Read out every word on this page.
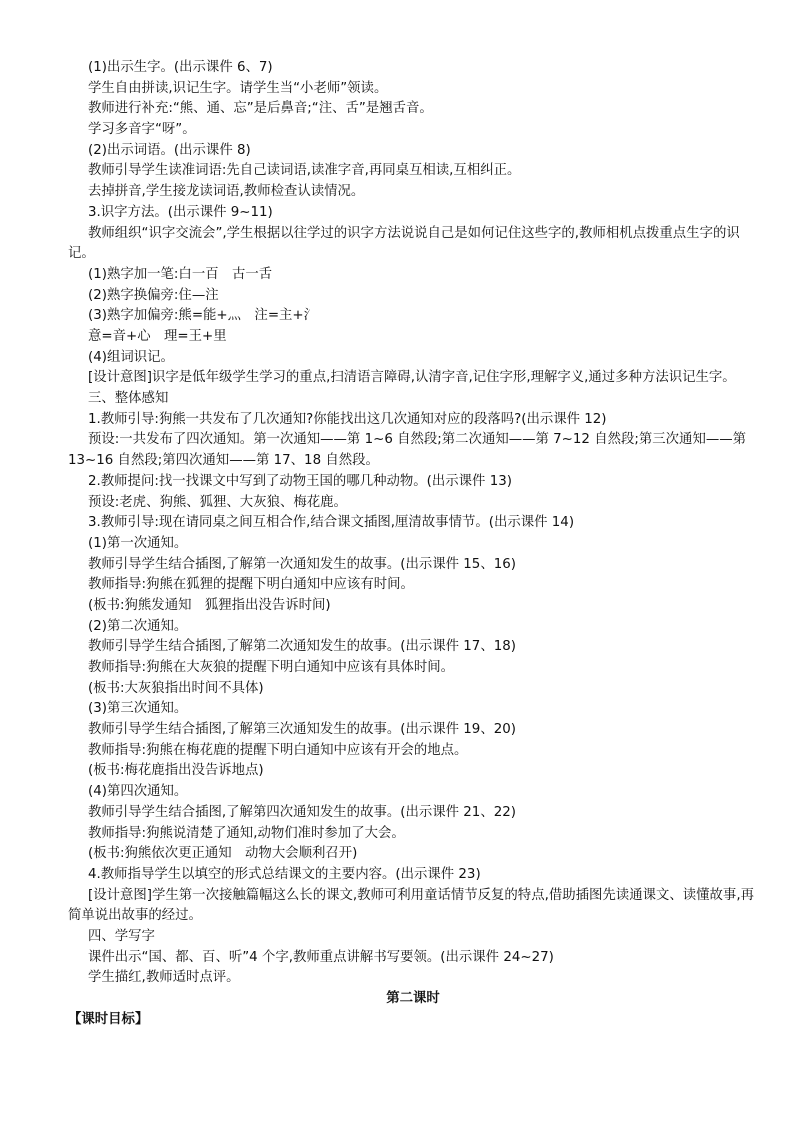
(1)出示生字。(出示课件 6、7)
学生自由拼读,识记生字。请学生当“小老师”领读。
教师进行补充:“熊、通、忘”是后鼻音;“注、舌”是翘舌音。
学习多音字“呀”。
(2)出示词语。(出示课件 8)
教师引导学生读准词语:先自己读词语,读准字音,再同桌互相读,互相纠正。
去掉拼音,学生接龙读词语,教师检查认读情况。
3.识字方法。(出示课件 9~11)
教师组织“识字交流会”,学生根据以往学过的识字方法说说自己是如何记住这些字的,教师相机点拨重点生字的识记。
(1)熟字加一笔:白一百　古一舌
(2)熟字换偏旁:住—注
(3)熟字加偏旁:熊=能+灬　注=主+氵
意=音+心　理=王+里
(4)组词识记。
[设计意图]识字是低年级学生学习的重点,扫清语言障碍,认清字音,记住字形,理解字义,通过多种方法识记生字。
三、整体感知
1.教师引导:狗熊一共发布了几次通知?你能找出这几次通知对应的段落吗?(出示课件 12)
预设:一共发布了四次通知。第一次通知——第 1~6 自然段;第二次通知——第 7~12 自然段;第三次通知——第 13~16 自然段;第四次通知——第 17、18 自然段。
2.教师提问:找一找课文中写到了动物王国的哪几种动物。(出示课件 13)
预设:老虎、狗熊、狐狸、大灰狼、梅花鹿。
3.教师引导:现在请同桌之间互相合作,结合课文插图,厘清故事情节。(出示课件 14)
(1)第一次通知。
教师引导学生结合插图,了解第一次通知发生的故事。(出示课件 15、16)
教师指导:狗熊在狐狸的提醒下明白通知中应该有时间。
(板书:狗熊发通知　狐狸指出没告诉时间)
(2)第二次通知。
教师引导学生结合插图,了解第二次通知发生的故事。(出示课件 17、18)
教师指导:狗熊在大灰狼的提醒下明白通知中应该有具体时间。
(板书:大灰狼指出时间不具体)
(3)第三次通知。
教师引导学生结合插图,了解第三次通知发生的故事。(出示课件 19、20)
教师指导:狗熊在梅花鹿的提醒下明白通知中应该有开会的地点。
(板书:梅花鹿指出没告诉地点)
(4)第四次通知。
教师引导学生结合插图,了解第四次通知发生的故事。(出示课件 21、22)
教师指导:狗熊说清楚了通知,动物们准时参加了大会。
(板书:狗熊依次更正通知　动物大会顺利召开)
4.教师指导学生以填空的形式总结课文的主要内容。(出示课件 23)
[设计意图]学生第一次接触篇幅这么长的课文,教师可利用童话情节反复的特点,借助插图先读通课文、读懂故事,再简单说出故事的经过。
四、学写字
课件出示“国、都、百、听”4 个字,教师重点讲解书写要领。(出示课件 24~27)
学生描红,教师适时点评。
第二课时
【课时目标】
